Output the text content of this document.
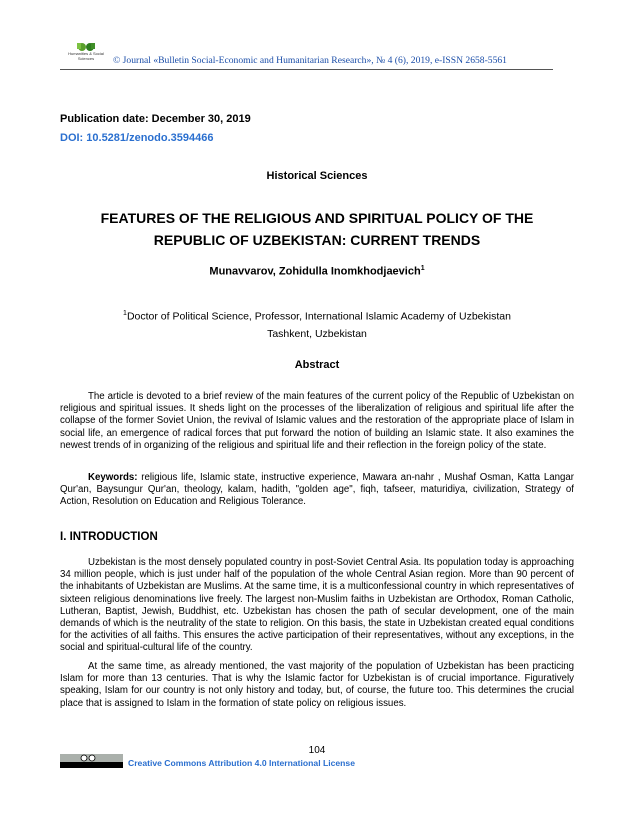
Humanities & Social Sciences	© Journal «Bulletin Social-Economic and Humanitarian Research», № 4 (6), 2019, e-ISSN 2658-5561
Publication date: December 30, 2019
DOI: 10.5281/zenodo.3594466
Historical Sciences
FEATURES OF THE RELIGIOUS AND SPIRITUAL POLICY OF THE
REPUBLIC OF UZBEKISTAN: CURRENT TRENDS
Munavvarov, Zohidulla Inomkhodjaevich$^1$
$^1$Doctor of Political Science, Professor, International Islamic Academy of Uzbekistan
Tashkent, Uzbekistan
Abstract
The article is devoted to a brief review of the main features of the current policy of the Republic of Uzbekistan on religious and spiritual issues. It sheds light on the processes of the liberalization of religious and spiritual life after the collapse of the former Soviet Union, the revival of Islamic values and the restoration of the appropriate place of Islam in social life, an emergence of radical forces that put forward the notion of building an Islamic state. It also examines the newest trends of in organizing of the religious and spiritual life and their reflection in the foreign policy of the state.
Keywords: religious life, Islamic state, instructive experience, Mawara an-nahr , Mushaf Osman, Katta Langar Qur'an, Baysungur Qur'an, theology, kalam, hadith, "golden age", fiqh, tafseer, maturidiya, civilization, Strategy of Action, Resolution on Education and Religious Tolerance.
I. INTRODUCTION
Uzbekistan is the most densely populated country in post-Soviet Central Asia. Its population today is approaching 34 million people, which is just under half of the population of the whole Central Asian region. More than 90 percent of the inhabitants of Uzbekistan are Muslims. At the same time, it is a multiconfessional country in which representatives of sixteen religious denominations live freely. The largest non-Muslim faiths in Uzbekistan are Orthodox, Roman Catholic, Lutheran, Baptist, Jewish, Buddhist, etc. Uzbekistan has chosen the path of secular development, one of the main demands of which is the neutrality of the state to religion. On this basis, the state in Uzbekistan created equal conditions for the activities of all faiths. This ensures the active participation of their representatives, without any exceptions, in the social and spiritual-cultural life of the country.
At the same time, as already mentioned, the vast majority of the population of Uzbekistan has been practicing Islam for more than 13 centuries. That is why the Islamic factor for Uzbekistan is of crucial importance. Figuratively speaking, Islam for our country is not only history and today, but, of course, the future too. This determines the crucial place that is assigned to Islam in the formation of state policy on religious issues.
104
Creative Commons Attribution 4.0 International License
